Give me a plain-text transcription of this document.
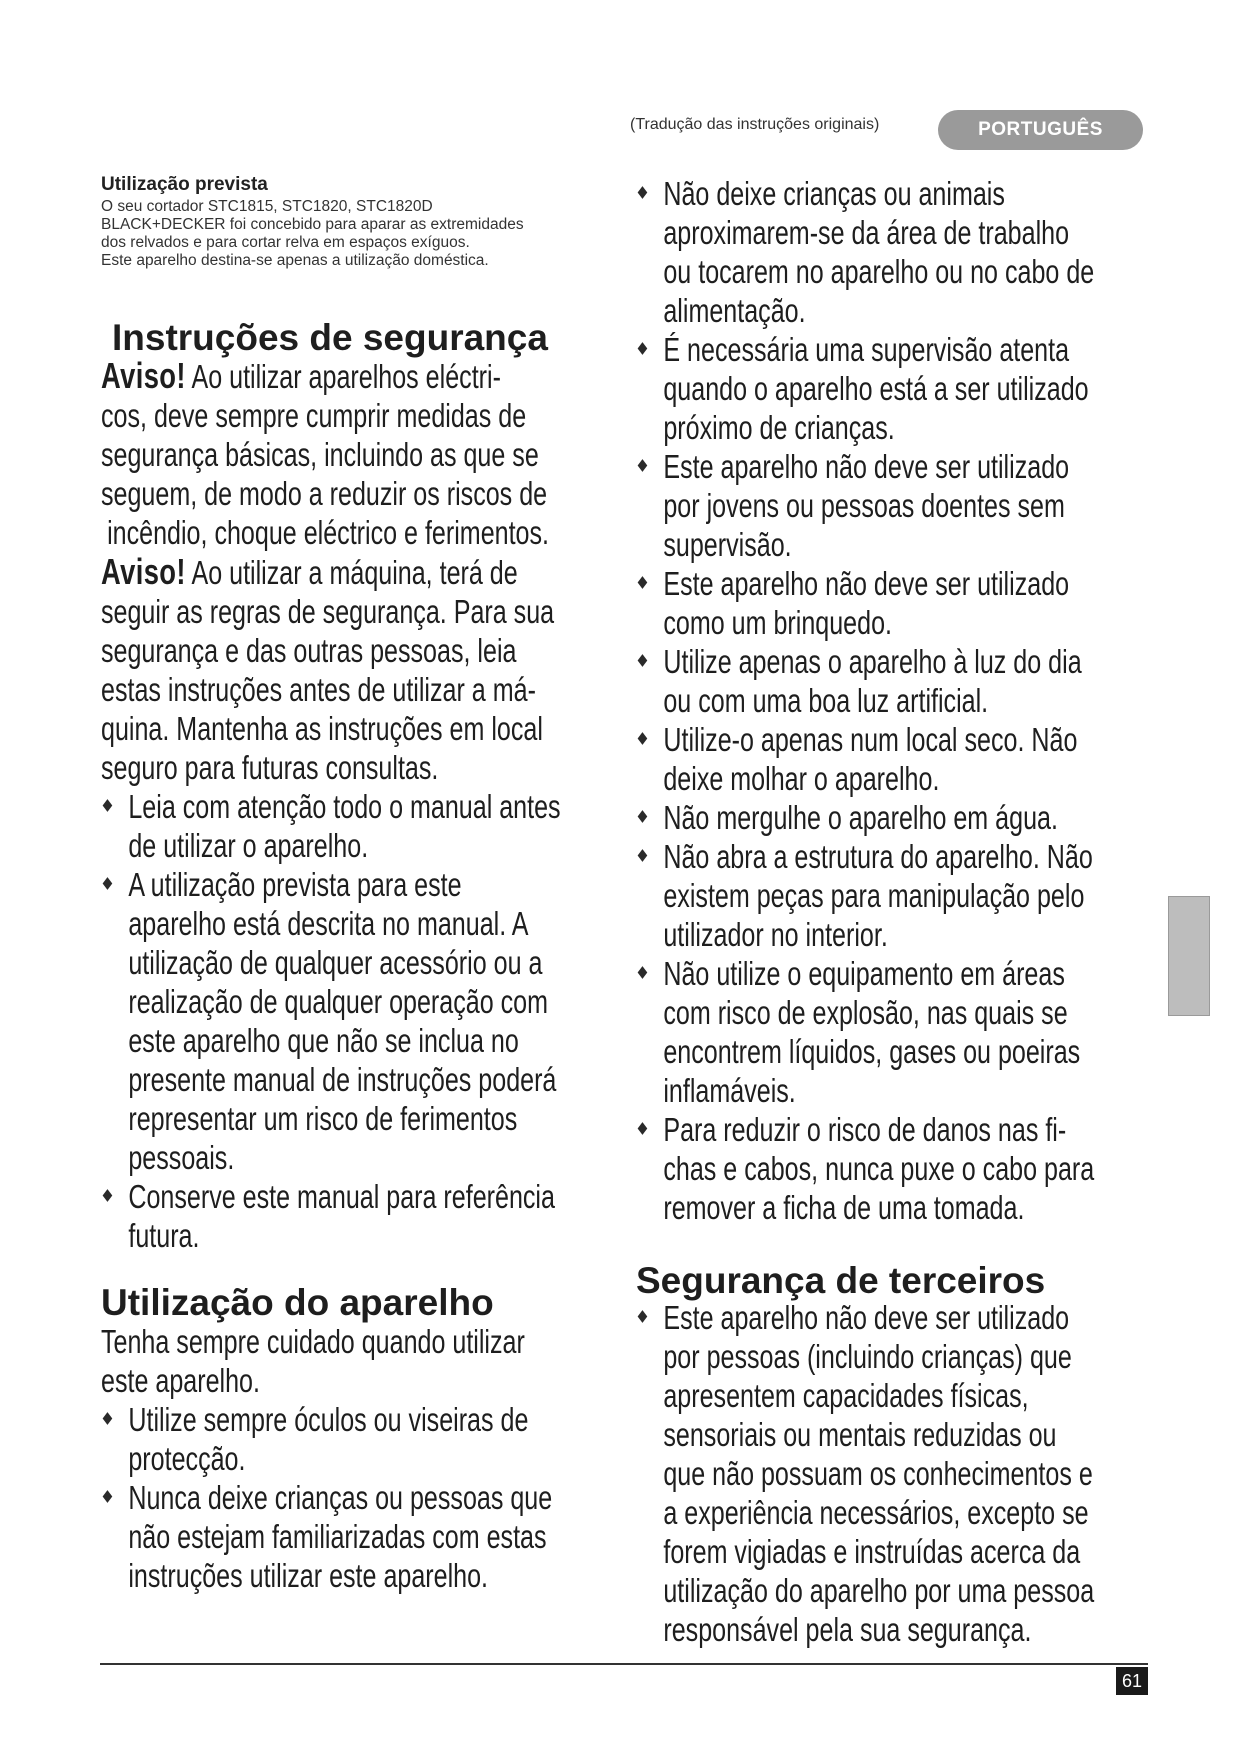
(Tradução das instruções originais)	PORTUGUÊS
Utilização prevista
O seu cortador STC1815, STC1820, STC1820D
BLACK+DECKER foi concebido para aparar as extremidades
dos relvados e para cortar relva em espaços exíguos.
Este aparelho destina-se apenas a utilização doméstica.
Instruções de segurança
Aviso! Ao utilizar aparelhos eléctri-
cos, deve sempre cumprir medidas de
segurança básicas, incluindo as que se
seguem, de modo a reduzir os riscos de
incêndio, choque eléctrico e ferimentos.
Aviso! Ao utilizar a máquina, terá de
seguir as regras de segurança. Para sua
segurança e das outras pessoas, leia
estas instruções antes de utilizar a má-
quina. Mantenha as instruções em local
seguro para futuras consultas.
Leia com atenção todo o manual antes
de utilizar o aparelho.
A utilização prevista para este
aparelho está descrita no manual. A
utilização de qualquer acessório ou a
realização de qualquer operação com
este aparelho que não se inclua no
presente manual de instruções poderá
representar um risco de ferimentos
pessoais.
Conserve este manual para referência
futura.
Utilização do aparelho
Tenha sempre cuidado quando utilizar
este aparelho.
Utilize sempre óculos ou viseiras de
protecção.
Nunca deixe crianças ou pessoas que
não estejam familiarizadas com estas
instruções utilizar este aparelho.
Não deixe crianças ou animais
aproximarem-se da área de trabalho
ou tocarem no aparelho ou no cabo de
alimentação.
É necessária uma supervisão atenta
quando o aparelho está a ser utilizado
próximo de crianças.
Este aparelho não deve ser utilizado
por jovens ou pessoas doentes sem
supervisão.
Este aparelho não deve ser utilizado
como um brinquedo.
Utilize apenas o aparelho à luz do dia
ou com uma boa luz artificial.
Utilize-o apenas num local seco. Não
deixe molhar o aparelho.
Não mergulhe o aparelho em água.
Não abra a estrutura do aparelho. Não
existem peças para manipulação pelo
utilizador no interior.
Não utilize o equipamento em áreas
com risco de explosão, nas quais se
encontrem líquidos, gases ou poeiras
inflamáveis.
Para reduzir o risco de danos nas fi-
chas e cabos, nunca puxe o cabo para
remover a ficha de uma tomada.
Segurança de terceiros
Este aparelho não deve ser utilizado
por pessoas (incluindo crianças) que
apresentem capacidades físicas,
sensoriais ou mentais reduzidas ou
que não possuam os conhecimentos e
a experiência necessários, excepto se
forem vigiadas e instruídas acerca da
utilização do aparelho por uma pessoa
responsável pela sua segurança.
61
